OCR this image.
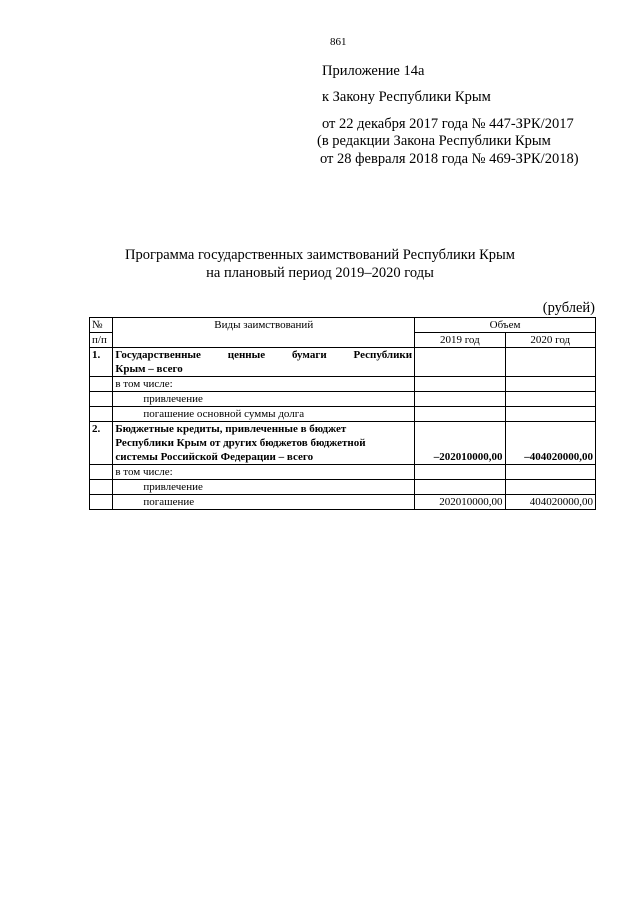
861
Приложение 14а
к Закону Республики Крым
от 22 декабря 2017 года № 447-ЗРК/2017
(в редакции Закона Республики Крым
от 28 февраля 2018 года № 469-ЗРК/2018)
Программа государственных заимствований Республики Крым
на плановый период 2019–2020 годы
(рублей)
№	Виды заимствований	Объем	
п/п		2019 год	2020 год
1.	Государственные ценные бумаги Республики
Крым – всего		

	в том числе:		
	привлечение		
	погашение основной суммы долга		
2.	Бюджетные кредиты, привлеченные в бюджет
Республики Крым от других бюджетов бюджетной
системы Российской Федерации – всего	–202010000,00	–404020000,00
	в том числе:		
	привлечение		
	погашение	202010000,00	404020000,00
